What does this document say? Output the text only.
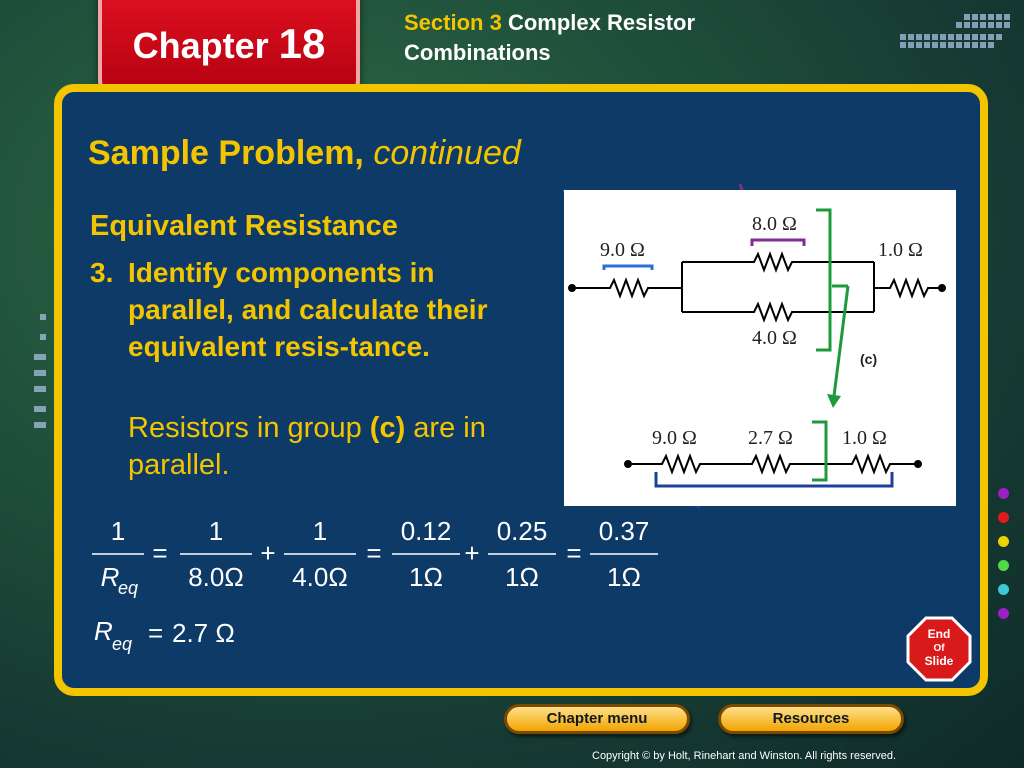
Chapter 18	Section 3 Complex Resistor
Combinations
Sample Problem, continued
Equivalent Resistance
3. Identify components in parallel, and calculate their equivalent resis-tance.
Resistors in group (c) are in parallel.
9.0 Ω
8.0 Ω
4.0 Ω
1.0 Ω
(c)
9.0 Ω	2.7 Ω 1.0 Ω
1
R
eq
=
1
8.0Ω
+
1
4.0Ω
=
0.12
1Ω
+
0.25
1Ω
=
0.37
1Ω
R eq = 2.7 Ω	End
Of
Slide
Chapter menu	Resources
Copyright © by Holt, Rinehart and Winston. All rights reserved.
